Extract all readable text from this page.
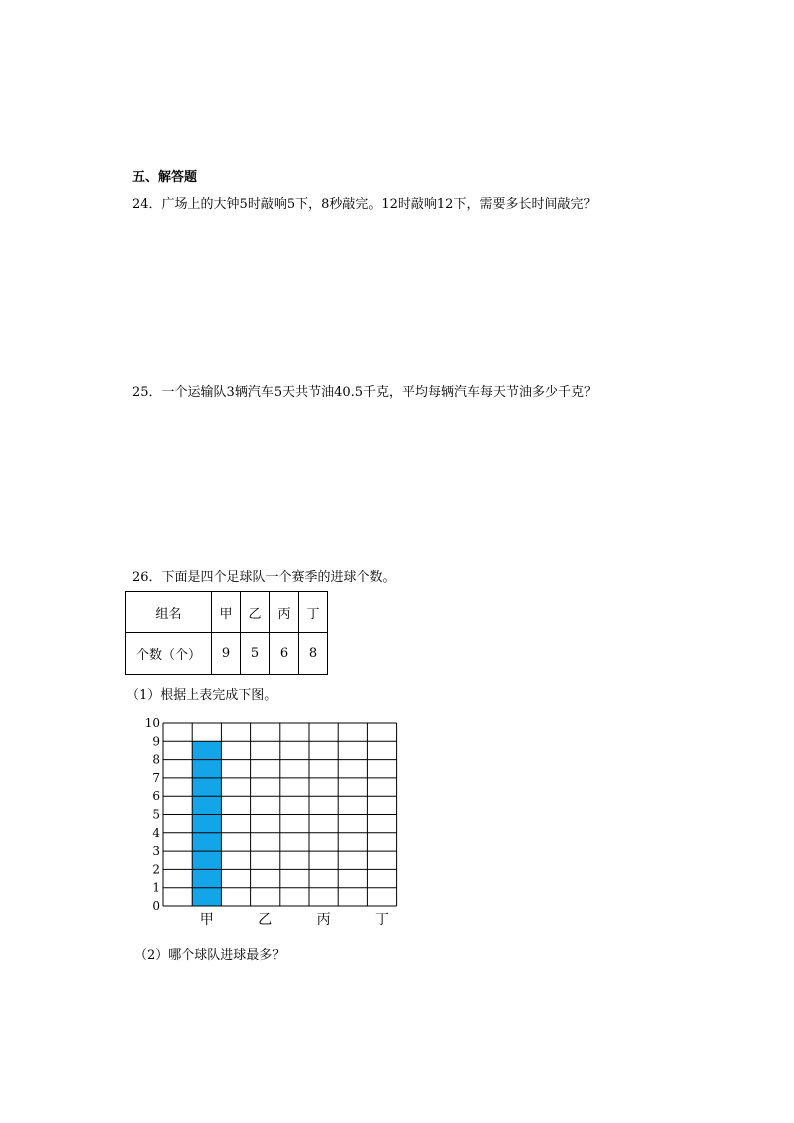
五、解答题
24．广场上的大钟5时敲响5下，8秒敲完。12时敲响12下，需要多长时间敲完？
25．一个运输队3辆汽车5天共节油40.5千克，平均每辆汽车每天节油多少千克？
26．下面是四个足球队一个赛季的进球个数。
组名	甲	乙	丙	丁
个数（个）	9	5	6	8
（1）根据上表完成下图。
0
1
2
3
4
5
6
7
8
9
10
甲	乙	丙	丁
（2）哪个球队进球最多？
